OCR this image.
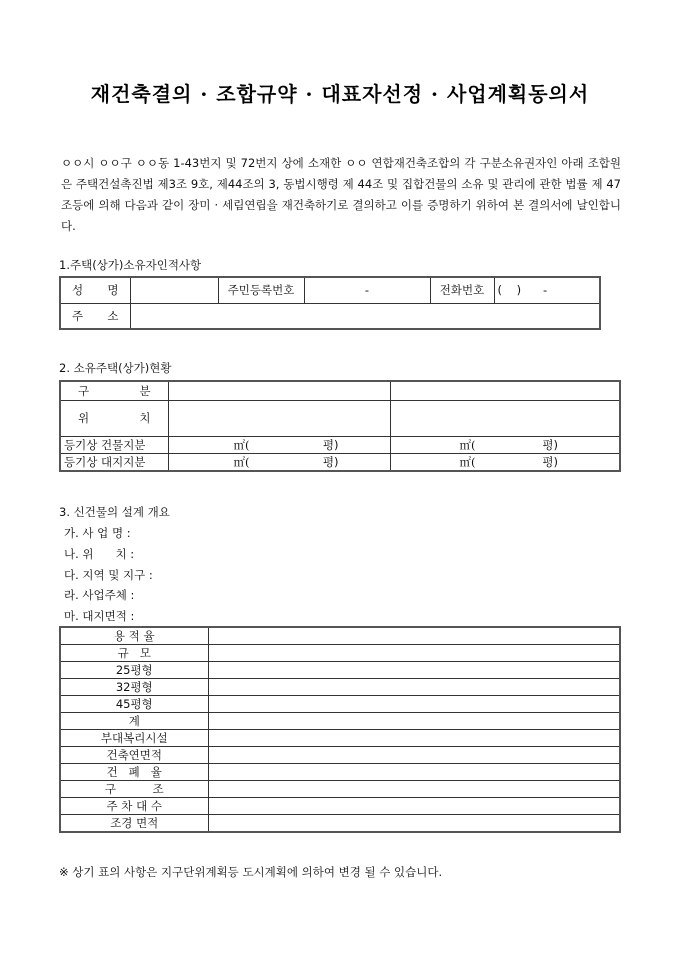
재건축결의 · 조합규약 · 대표자선정 · 사업계획동의서
ㅇㅇ시 ㅇㅇ구 ㅇㅇ동 1-43번지 및 72번지 상에 소재한 ㅇㅇ 연합재건축조합의 각 구분소유권자인 아래 조합원은 주택건설촉진법 제3조 9호, 제44조의 3, 동법시행령 제 44조 및 집합건물의 소유 및 관리에 관한 법률 제 47조등에 의해 다음과 같이 장미 · 세림연립을 재건축하기로 결의하고 이를 증명하기 위하여 본 결의서에 날인합니다.
1.주택(상가)소유자인적사항
성 명		주민등록번호	-	전화번호	(    )      -

주 소					

2. 소유주택(상가)현황
구 분		

위 치		

등기상 건물지분	㎡( 평)	㎡( 평)

등기상 대지지분	㎡( 평)	㎡( 평)
3. 신건물의 설계 개요
가. 사 업 명 :
나. 위      치 :
다. 지역 및 지구 :
라. 사업주체 :
마. 대지면적 :
용 적 율	
규   모	
25평형	
32평형	
45평형	
계	
부대복리시설	
건축연면적	
건   폐   율	
구          조	
주 차 대 수	
조경 면적	
※ 상기 표의 사항은 지구단위계획등 도시계획에 의하여 변경 될 수 있습니다.
